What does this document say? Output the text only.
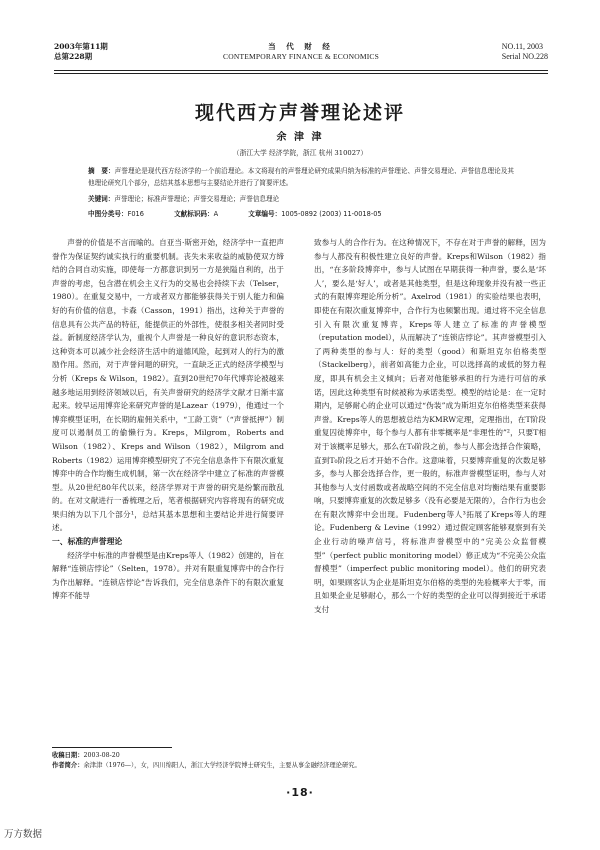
2003年第11期
总第228期
当 代 财 经
CONTEMPORARY FINANCE & ECONOMICS
NO.11, 2003
Serial NO.228
现代西方声誉理论述评
余 津 津
（浙江大学 经济学院，浙江 杭州 310027）
摘　要：声誉理论是现代西方经济学的一个前沿理论。本文将现有的声誉理论研究成果归纳为标准的声誉理论、声誉交易理论、声誉信息理论及其他理论研究几个部分，总结其基本思想与主要结论并进行了简要评述。
关键词：声誉理论；标准声誉理论；声誉交易理论；声誉信息理论
中图分类号：F016	文献标识码：A	文章编号：1005-0892 (2003) 11-0018-05

声誉的价值是不言而喻的。自亚当·斯密开始，经济学中一直把声誉作为保证契约诚实执行的重要机制。丧失未来收益的威胁使双方缔结的合同自动实施，即使每一方都意识到另一方是狭隘自利的，出于声誉的考虑，包含潜在机会主义行为的交易也会持续下去（Telser，1980）。在重复交易中，一方或者双方都能够获得关于别人能力和偏好的有价值的信息，卡森（Casson，1991）指出，这种关于声誉的信息具有公共产品的特征，能提供正的外部性，使很多相关者同时受益。新制度经济学认为，重视个人声誉是一种良好的意识形态资本，这种资本可以减少社会经济生活中的道德风险，起到对人的行为的激励作用。然而，对于声誉问题的研究，一直缺乏正式的经济学模型与分析（Kreps & Wilson，1982）。直到20世纪70年代博弈论被越来越多地运用到经济领域以后，有关声誉研究的经济学文献才日渐丰富起来。较早运用博弈论来研究声誉的是Lazear（1979），他通过一个博弈模型证明，在长期的雇佣关系中，“工龄工资”（“声誉抵押”）制度可以遏制员工的偷懒行为。Kreps，Milgrom，Roberts and Wilson（1982）、Kreps and Wilson（1982），Milgrom and Roberts（1982）运用博弈模型研究了不完全信息条件下有限次重复博弈中的合作均衡生成机制，第一次在经济学中建立了标准的声誉模型。从20世纪80年代以来，经济学界对于声誉的研究是纷繁而散乱的。在对文献进行一番梳理之后，笔者根据研究内容将现有的研究成果归纳为以下几个部分¹，总结其基本思想和主要结论并进行简要评述。

一、标准的声誉理论

经济学中标准的声誉模型是由Kreps等人（1982）创建的，旨在解释“连锁店悖论”（Selten，1978）。并对有限重复博弈中的合作行为作出解释。“连锁店悖论”告诉我们，完全信息条件下的有限次重复博弈不能导

致参与人的合作行为。在这种情况下，不存在对于声誉的解释，因为参与人都没有积极性建立良好的声誉。Kreps和Wilson（1982）指出，“在多阶段博弈中，参与人试图在早期获得一种声誉，要么是‘坏人’，要么是‘好人’，或者是其他类型，但是这种现象并没有被一些正式的有限博弈理论所分析”。Axelrod（1981）的实验结果也表明，即使在有限次重复博弈中，合作行为也频繁出现。通过将不完全信息引入有限次重复博弈，Kreps等人建立了标准的声誉模型（reputation model），从而解决了“连锁店悖论”。其声誉模型引入了两种类型的参与人：好的类型（good）和斯坦克尔伯格类型（Stackelberg），前者如高能力企业，可以选择高的或低的努力程度，即具有机会主义倾向；后者对他能够承担的行为进行可信的承诺，因此这种类型有时候被称为承诺类型。模型的结论是：在一定时期内，足够耐心的企业可以通过“伪装”成为斯坦克尔伯格类型来获得声誉。Kreps等人的思想被总结为KMRW定理，定理指出，在T阶段重复囚徒博弈中，每个参与人都有非零概率是“非理性的”²，只要T相对于该概率足够大，那么在T₀阶段之前，参与人都会选择合作策略，直到T₀阶段之后才开始不合作。这意味着，只要博弈重复的次数足够多，参与人都会选择合作，更一般的，标准声誉模型证明，参与人对其他参与人支付函数或者战略空间的不完全信息对均衡结果有重要影响，只要博弈重复的次数足够多（没有必要是无限的），合作行为也会在有限次博弈中会出现。Fudenberg等人³拓展了Kreps等人的理论。Fudenberg & Levine（1992）通过假定顾客能够观察到有关企业行动的噪声信号，将标准声誉模型中的“完美公众监督模型”（perfect public monitoring model）修正成为“不完美公众监督模型”（imperfect public monitoring model）。他们的研究表明，如果顾客认为企业是斯坦克尔伯格的类型的先验概率大于零，而且如果企业足够耐心，那么一个好的类型的企业可以得到接近于承诺支付

收稿日期：2003-08-20
作者简介：余津津（1976—），女，四川绵阳人，浙江大学经济学院博士研究生，主要从事金融经济理论研究。
·18·
万方数据
